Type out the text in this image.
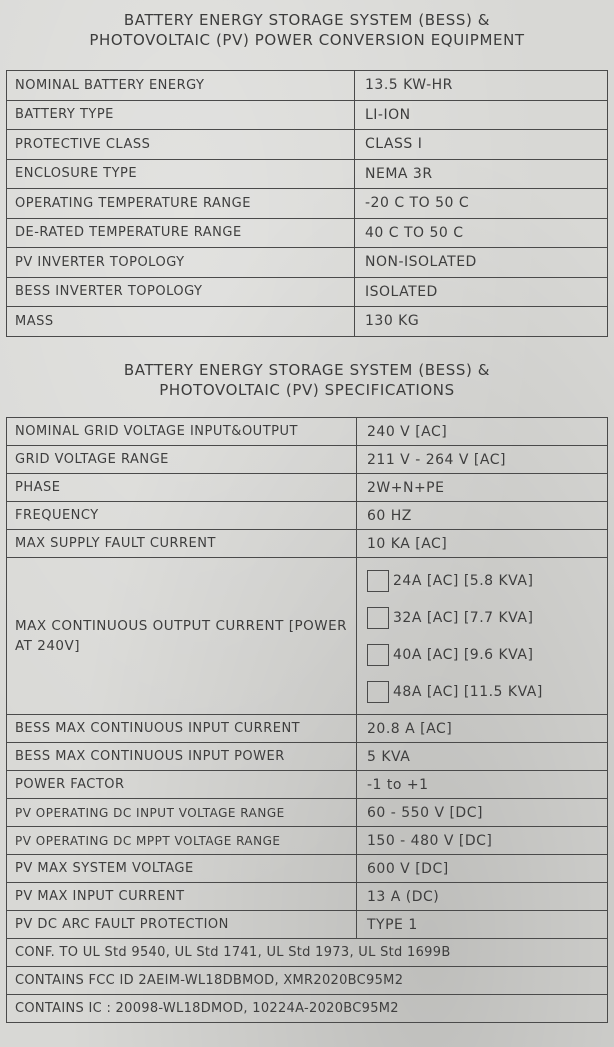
BATTERY ENERGY STORAGE SYSTEM (BESS) &
PHOTOVOLTAIC (PV) POWER CONVERSION EQUIPMENT
NOMINAL BATTERY ENERGY	13.5 KW-HR
BATTERY TYPE	LI-ION
PROTECTIVE CLASS	CLASS I
ENCLOSURE TYPE	NEMA 3R
OPERATING TEMPERATURE RANGE	-20 C TO 50 C
DE-RATED TEMPERATURE RANGE	40 C TO 50 C
PV INVERTER TOPOLOGY	NON-ISOLATED
BESS INVERTER TOPOLOGY	ISOLATED
MASS	130 KG
BATTERY ENERGY STORAGE SYSTEM (BESS) &
PHOTOVOLTAIC (PV) SPECIFICATIONS
NOMINAL GRID VOLTAGE INPUT&OUTPUT	240 V [AC]
GRID VOLTAGE RANGE	211 V - 264 V [AC]
PHASE	2W+N+PE
FREQUENCY	60 HZ
MAX SUPPLY FAULT CURRENT	10 KA [AC]
MAX CONTINUOUS OUTPUT CURRENT [POWER AT 240V]	24A [AC] [5.8 KVA]
32A [AC] [7.7 KVA]
40A [AC] [9.6 KVA]
48A [AC] [11.5 KVA]

BESS MAX CONTINUOUS INPUT CURRENT	20.8 A [AC]
BESS MAX CONTINUOUS INPUT POWER	5 KVA
POWER FACTOR	-1 to +1
PV OPERATING DC INPUT VOLTAGE RANGE	60 - 550 V [DC]
PV OPERATING DC MPPT VOLTAGE RANGE	150 - 480 V [DC]
PV MAX SYSTEM VOLTAGE	600 V [DC]
PV MAX INPUT CURRENT	13 A (DC)
PV DC ARC FAULT PROTECTION	TYPE 1
CONF. TO UL Std 9540, UL Std 1741, UL Std 1973, UL Std 1699B	
CONTAINS FCC ID 2AEIM-WL18DBMOD, XMR2020BC95M2	
CONTAINS IC : 20098-WL18DMOD, 10224A-2020BC95M2	
